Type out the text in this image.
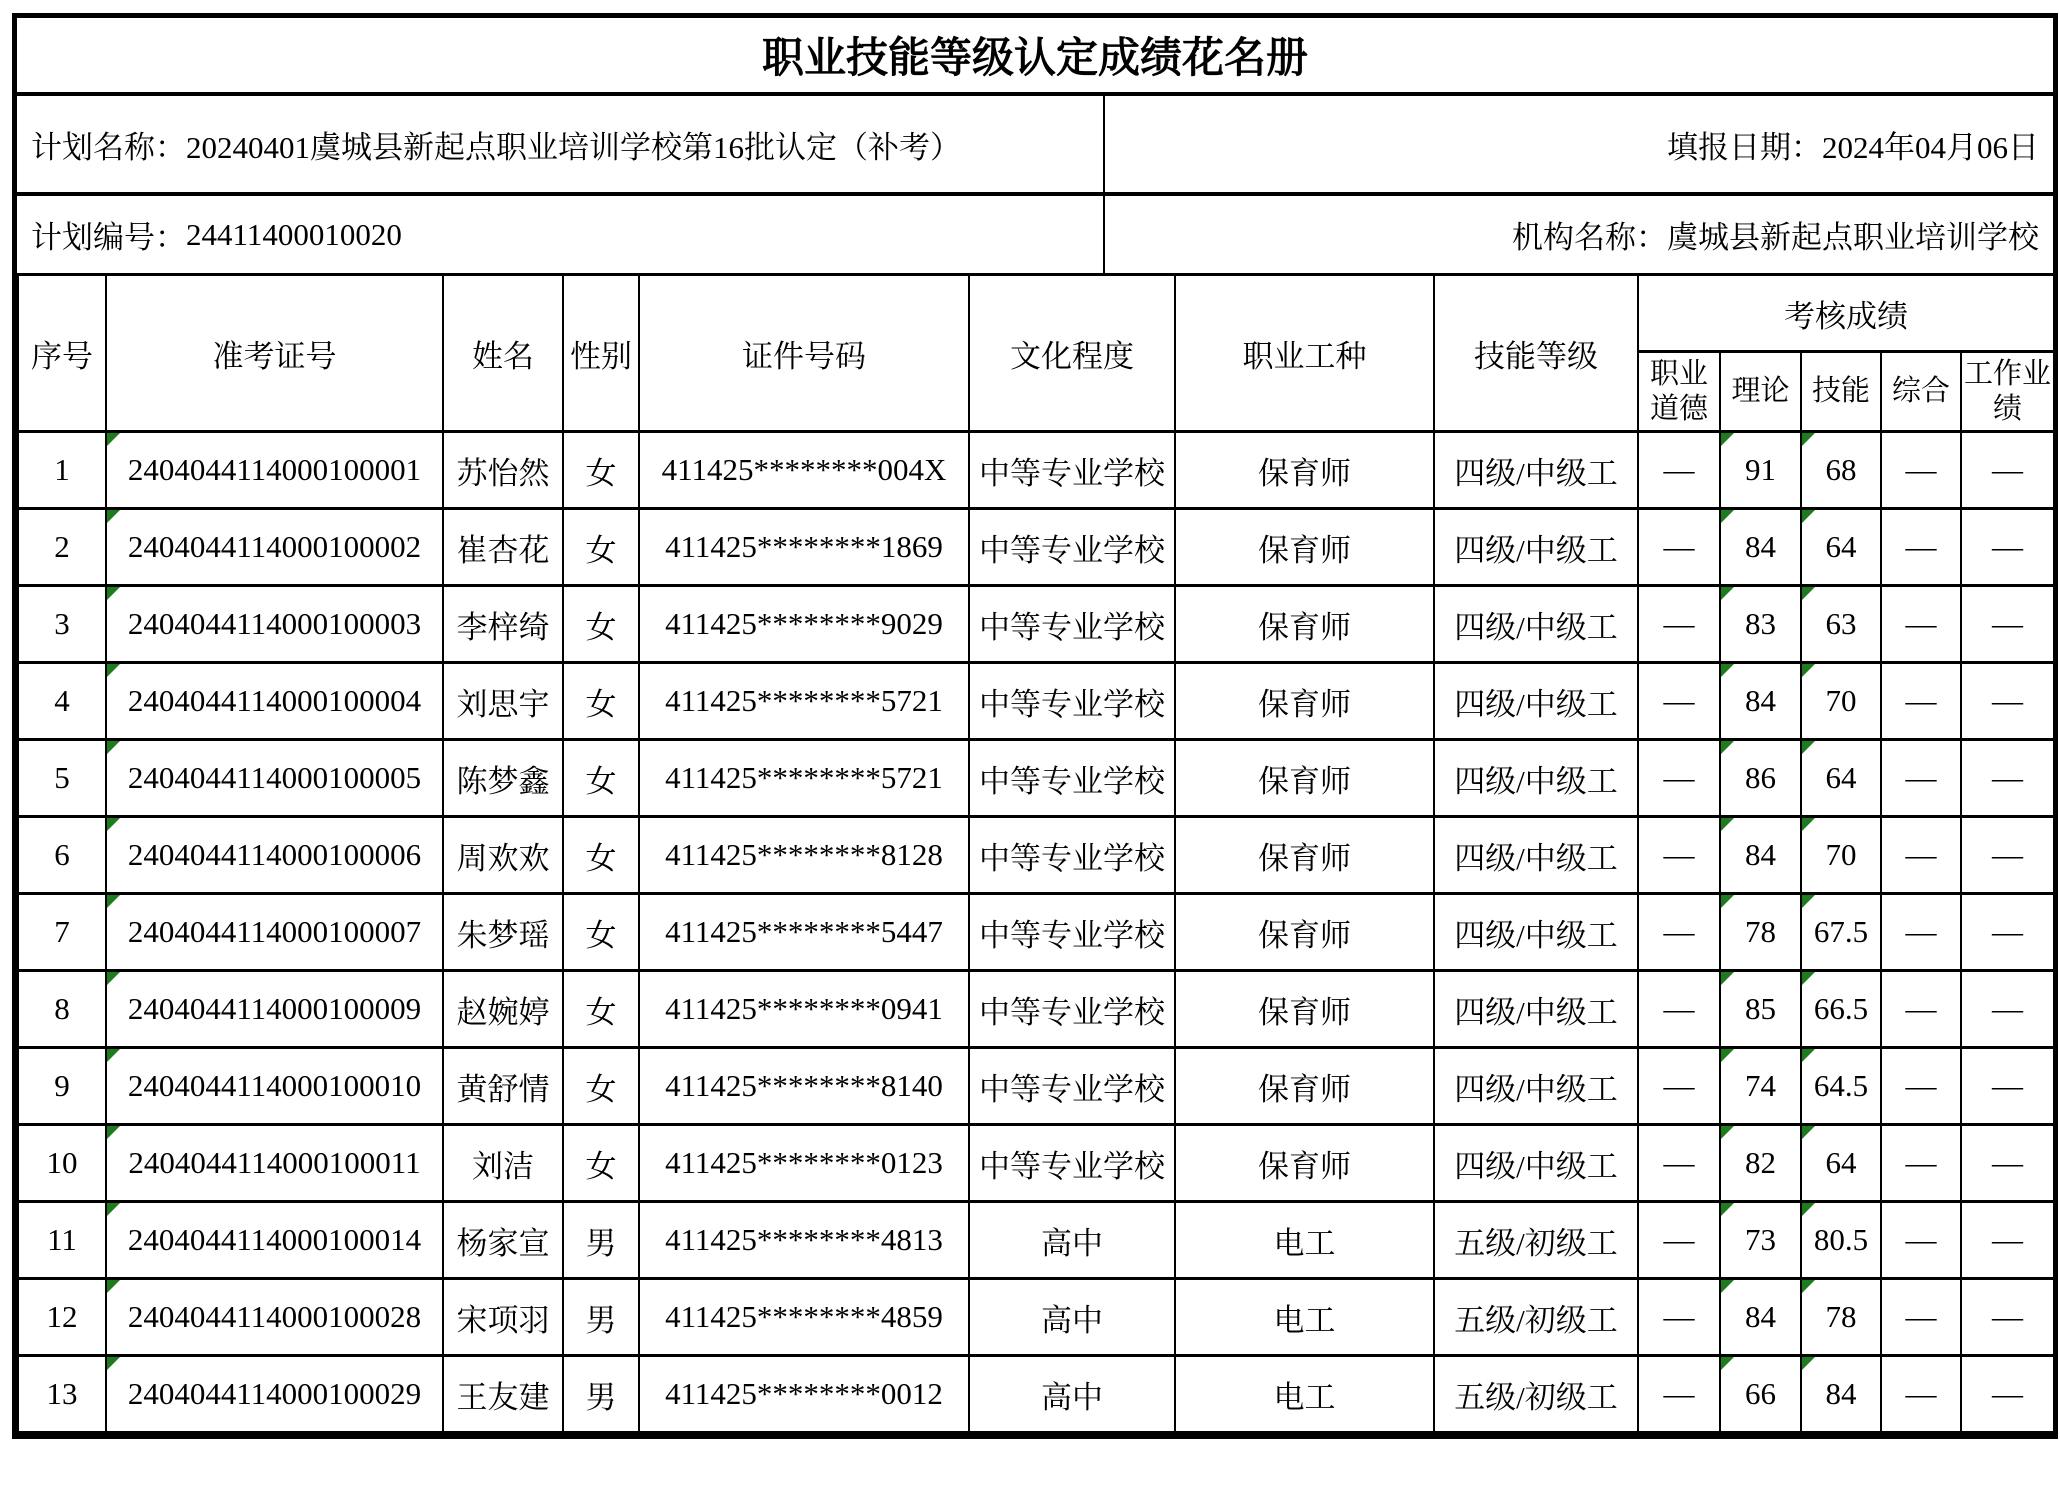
职业技能等级认定成绩花名册
计划名称： 20240401虞城县新起点职业培训学校第16批认定（补考）	填报日期： 2024年04月06日
计划编号： 24411400010020	机构名称： 虞城县新起点职业培训学校
序号	准考证号	姓名	性别	证件号码	文化程度	职业工种	技能等级	考核成绩				
								职业道德	理论	技能	综合	工作业绩
1	2404044114000100001	苏怡然	女	411425********004X	中等专业学校	保育师	四级/中级工	—	91	68	—	—
2	2404044114000100002	崔杏花	女	411425********1869	中等专业学校	保育师	四级/中级工	—	84	64	—	—
3	2404044114000100003	李梓绮	女	411425********9029	中等专业学校	保育师	四级/中级工	—	83	63	—	—
4	2404044114000100004	刘思宇	女	411425********5721	中等专业学校	保育师	四级/中级工	—	84	70	—	—
5	2404044114000100005	陈梦鑫	女	411425********5721	中等专业学校	保育师	四级/中级工	—	86	64	—	—
6	2404044114000100006	周欢欢	女	411425********8128	中等专业学校	保育师	四级/中级工	—	84	70	—	—
7	2404044114000100007	朱梦瑶	女	411425********5447	中等专业学校	保育师	四级/中级工	—	78	67.5	—	—
8	2404044114000100009	赵婉婷	女	411425********0941	中等专业学校	保育师	四级/中级工	—	85	66.5	—	—
9	2404044114000100010	黄舒情	女	411425********8140	中等专业学校	保育师	四级/中级工	—	74	64.5	—	—
10	2404044114000100011	刘洁	女	411425********0123	中等专业学校	保育师	四级/中级工	—	82	64	—	—
11	2404044114000100014	杨家宣	男	411425********4813	高中	电工	五级/初级工	—	73	80.5	—	—
12	2404044114000100028	宋项羽	男	411425********4859	高中	电工	五级/初级工	—	84	78	—	—
13	2404044114000100029	王友建	男	411425********0012	高中	电工	五级/初级工	—	66	84	—	—
